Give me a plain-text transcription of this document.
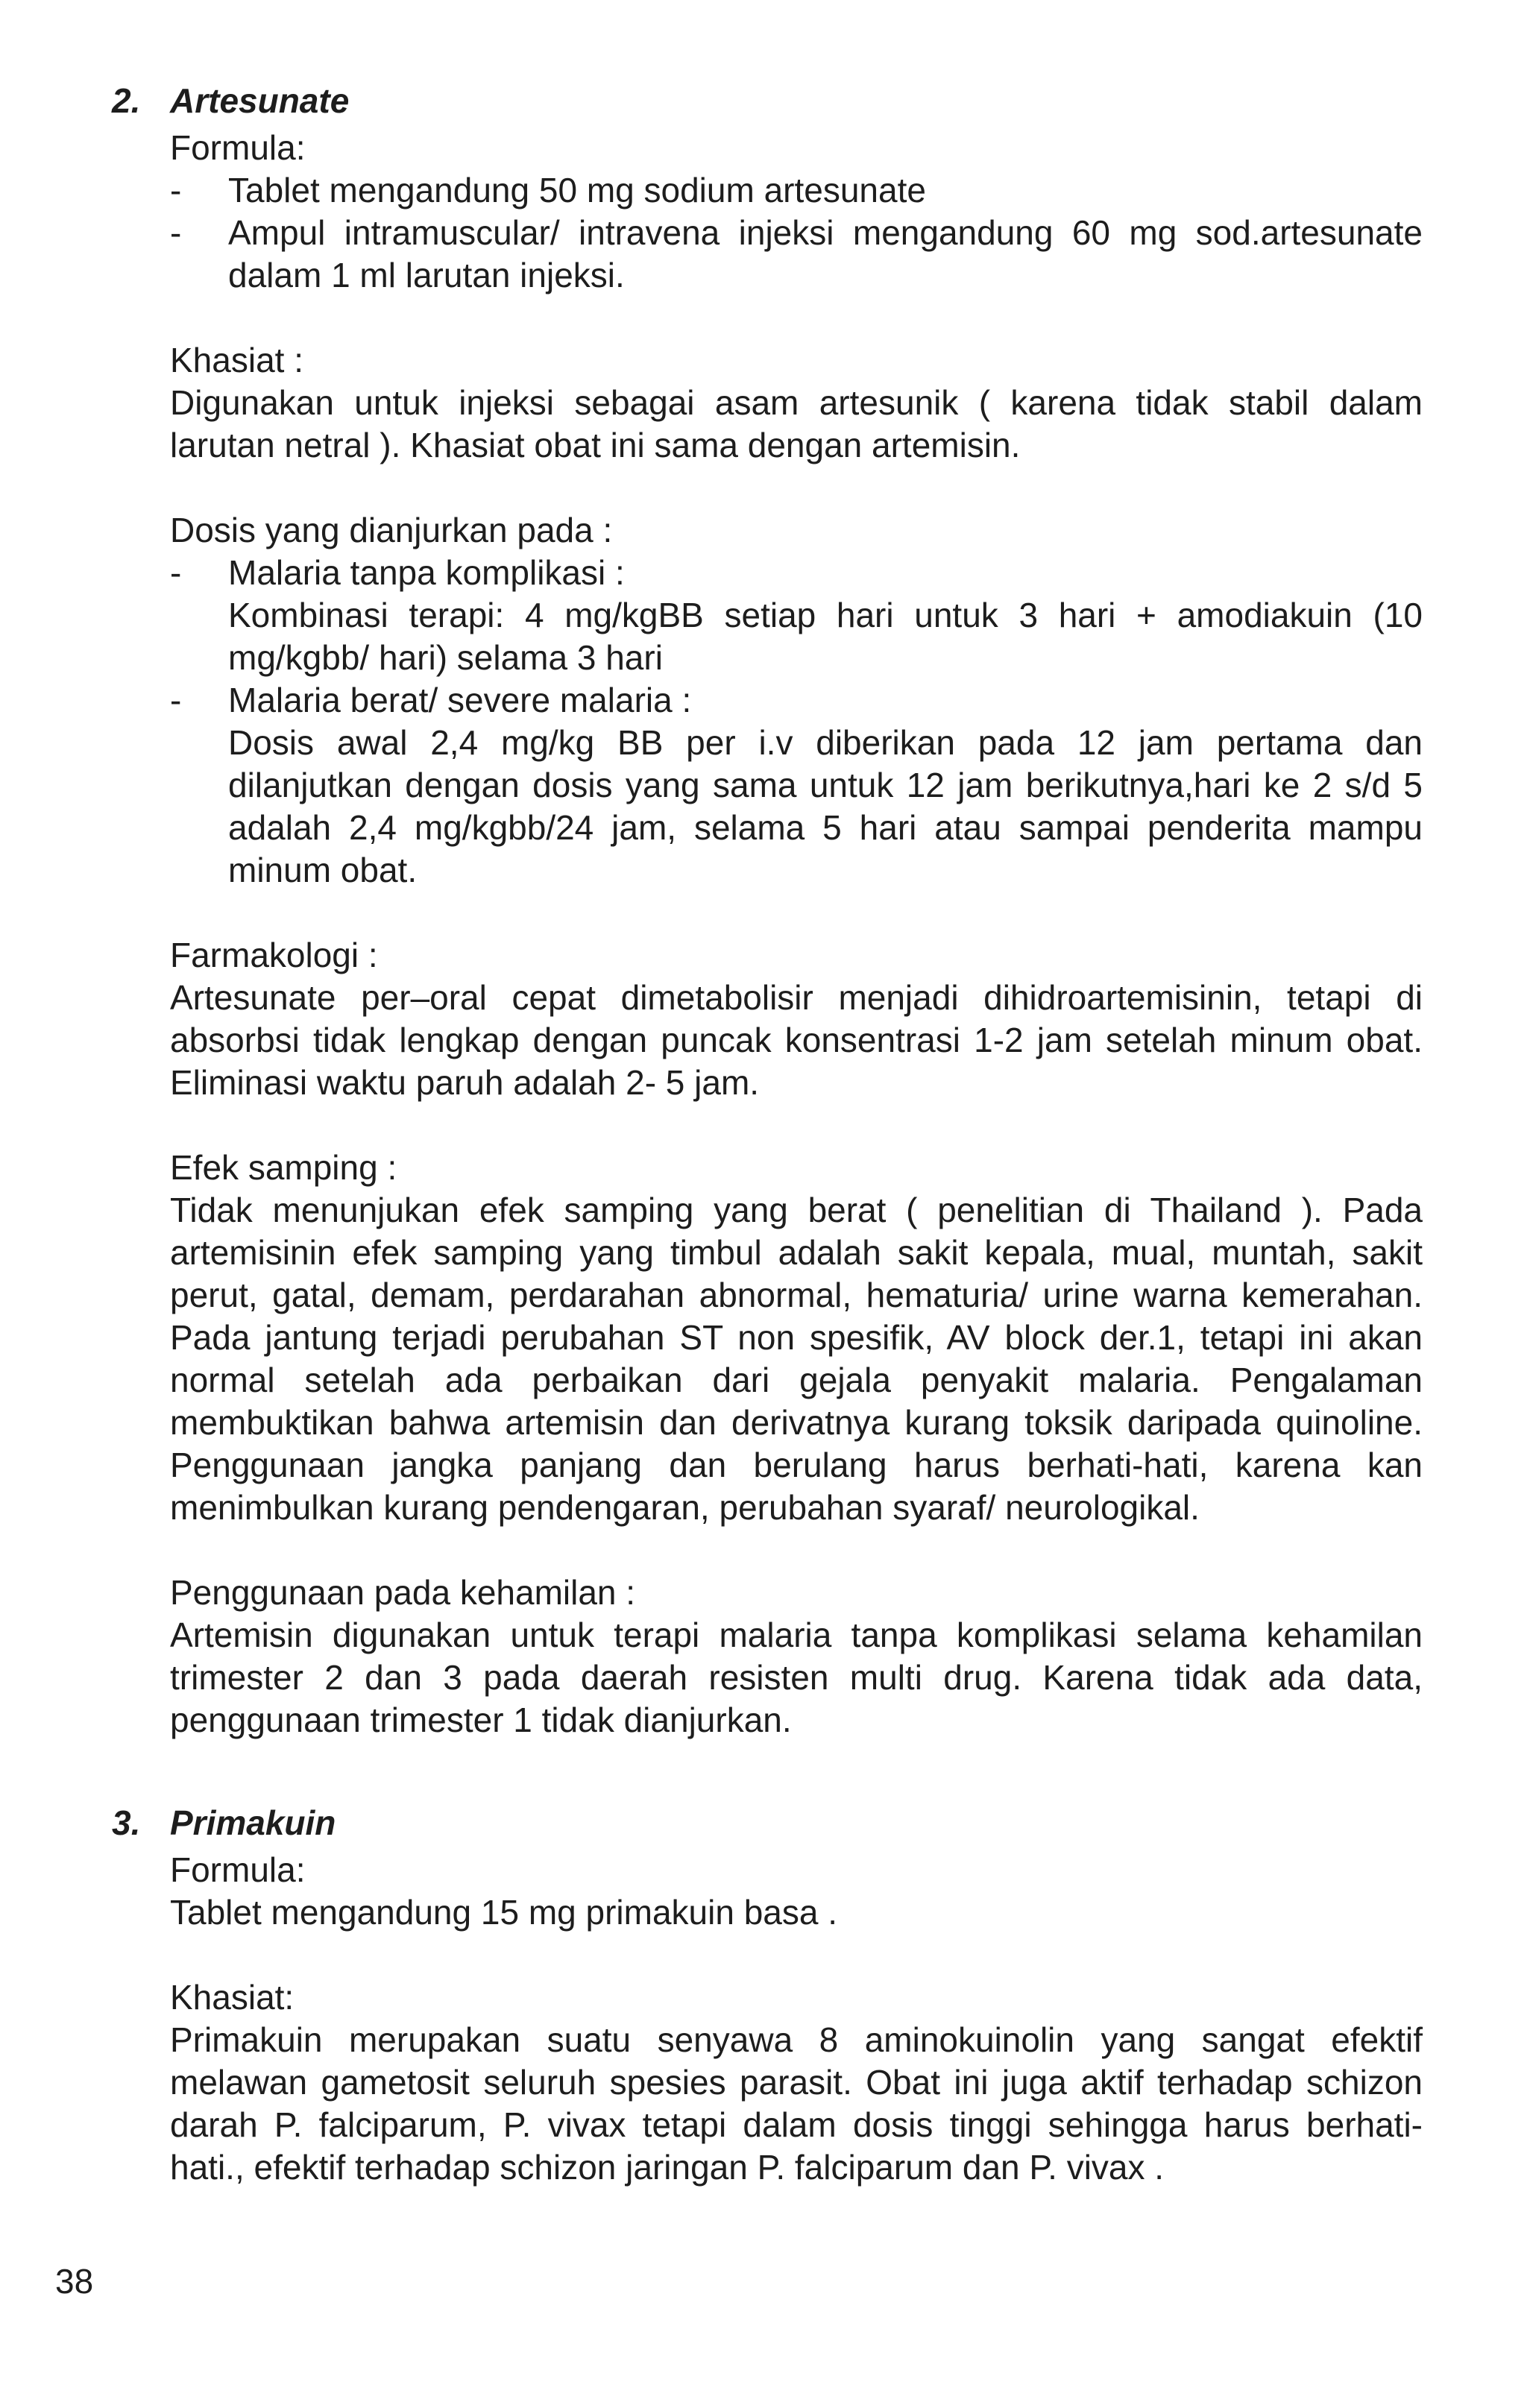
2. Artesunate

Formula:

- Tablet mengandung 50 mg sodium artesunate

- Ampul intramuscular/ intravena injeksi mengandung 60 mg sod.artesunate dalam 1 ml larutan injeksi.

Khasiat :

Digunakan untuk injeksi sebagai asam artesunik ( karena tidak stabil dalam larutan netral ). Khasiat obat ini sama dengan artemisin.

Dosis yang dianjurkan pada :

- Malaria tanpa komplikasi :

Kombinasi terapi: 4 mg/kgBB setiap hari untuk 3 hari + amodiakuin (10 mg/kgbb/ hari) selama 3 hari

- Malaria berat/ severe malaria :

Dosis awal 2,4 mg/kg BB per i.v diberikan pada 12 jam pertama dan dilanjutkan dengan dosis yang sama untuk 12 jam berikutnya,hari ke 2 s/d 5 adalah 2,4 mg/kgbb/24 jam, selama 5 hari atau sampai penderita mampu minum obat.

Farmakologi :

Artesunate per–oral cepat dimetabolisir menjadi dihidroartemisinin, tetapi di absorbsi tidak lengkap dengan puncak konsentrasi 1-2 jam setelah minum obat. Eliminasi waktu paruh adalah 2- 5 jam.

Efek samping :

Tidak menunjukan efek samping yang berat ( penelitian di Thailand ). Pada artemisinin efek samping yang timbul adalah sakit kepala, mual, muntah, sakit perut, gatal, demam, perdarahan abnormal, hematuria/ urine warna kemerahan. Pada jantung terjadi perubahan ST non spesifik, AV block der.1, tetapi ini akan normal setelah ada perbaikan dari gejala penyakit malaria. Pengalaman membuktikan bahwa artemisin dan derivatnya kurang toksik daripada quinoline. Penggunaan jangka panjang dan berulang harus berhati-hati, karena kan menimbulkan kurang pendengaran, perubahan syaraf/ neurologikal.

Penggunaan pada kehamilan :

Artemisin digunakan untuk terapi malaria tanpa komplikasi selama kehamilan trimester 2 dan 3 pada daerah resisten multi drug. Karena tidak ada data, penggunaan trimester 1 tidak dianjurkan.

3. Primakuin

Formula:

Tablet mengandung 15 mg primakuin basa .

Khasiat:

Primakuin merupakan suatu senyawa 8 aminokuinolin yang sangat efektif melawan gametosit seluruh spesies parasit. Obat ini juga aktif terhadap schizon darah P. falciparum, P. vivax tetapi dalam dosis tinggi sehingga harus berhati- hati., efektif terhadap schizon jaringan P. falciparum dan P. vivax .

38
